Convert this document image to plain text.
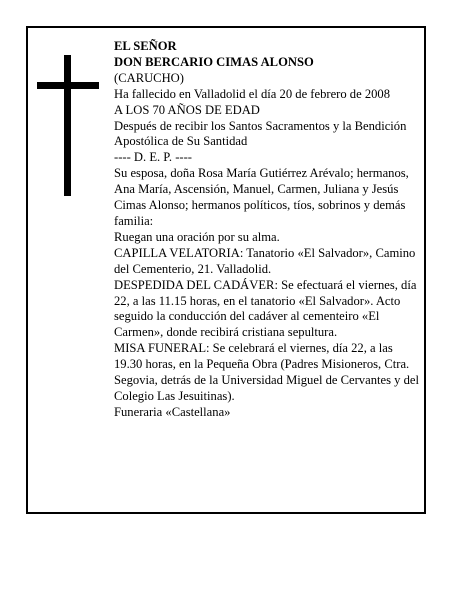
EL SEÑOR
DON BERCARIO CIMAS ALONSO
(CARUCHO)
Ha fallecido en Valladolid el día 20 de febrero de 2008
A LOS 70 AÑOS DE EDAD
Después de recibir los Santos Sacramentos y la Bendición Apostólica de Su Santidad
---- D. E. P. ----
Su esposa, doña Rosa María Gutiérrez Arévalo; hermanos, Ana María, Ascensión, Manuel, Carmen, Juliana y Jesús Cimas Alonso; hermanos políticos, tíos, sobrinos y demás familia:
Ruegan una oración por su alma.
CAPILLA VELATORIA: Tanatorio «El Salvador», Camino del Cementerio, 21. Valladolid.
DESPEDIDA DEL CADÁVER: Se efectuará el viernes, día 22, a las 11.15 horas, en el tanatorio «El Salvador». Acto seguido la conducción del cadáver al cementeiro «El Carmen», donde recibirá cristiana sepultura.
MISA FUNERAL: Se celebrará el viernes, día 22, a las 19.30 horas, en la Pequeña Obra (Padres Misioneros, Ctra. Segovia, detrás de la Universidad Miguel de Cervantes y del Colegio Las Jesuitinas).
Funeraria «Castellana»
